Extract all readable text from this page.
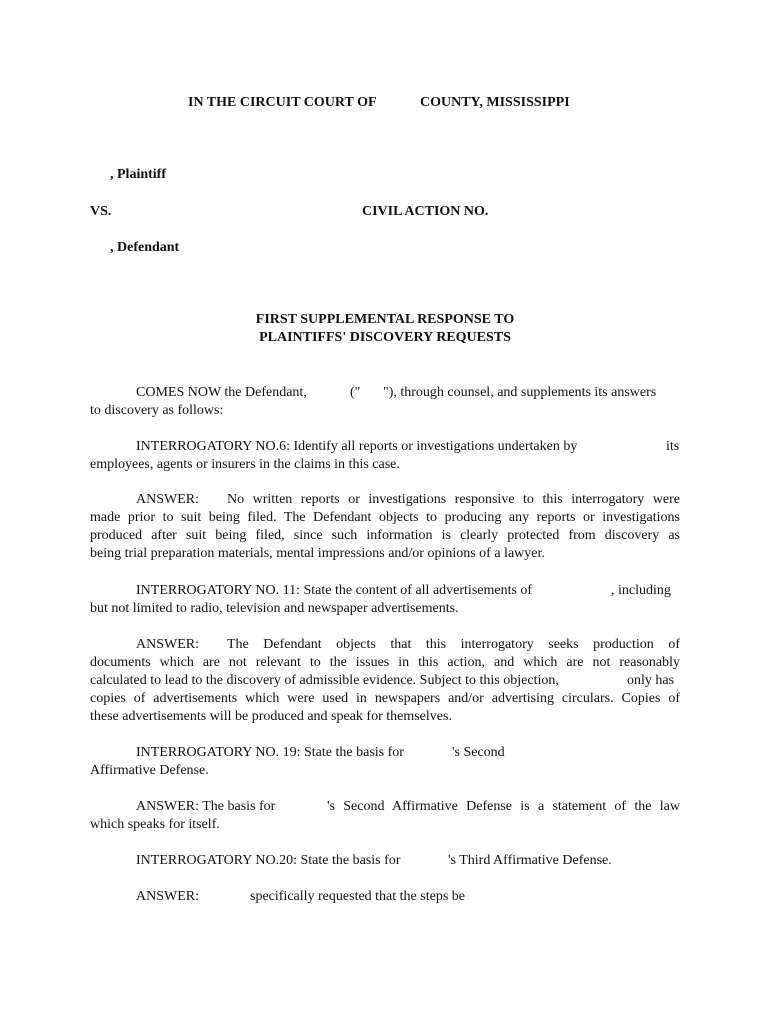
IN THE CIRCUIT COURT OF	COUNTY, MISSISSIPPI
, Plaintiff
VS.	CIVIL ACTION NO.
, Defendant
FIRST SUPPLEMENTAL RESPONSE TO
PLAINTIFFS' DISCOVERY REQUESTS
COMES NOW the Defendant,	(" "), through counsel, and supplements its answers
to discovery as follows:
INTERROGATORY NO.6: Identify all reports or investigations undertaken by	its
employees, agents or insurers in the claims in this case.
ANSWER: No written reports or investigations responsive to this interrogatory were
made prior to suit being filed. The Defendant objects to producing any reports or investigations
produced after suit being filed, since such information is clearly protected from discovery as
being trial preparation materials, mental impressions and/or opinions of a lawyer.
INTERROGATORY NO. 11: State the content of all advertisements of	, including
but not limited to radio, television and newspaper advertisements.
ANSWER: The Defendant objects that this interrogatory seeks production of
documents which are not relevant to the issues in this action, and which are not reasonably
calculated to lead to the discovery of admissible evidence. Subject to this objection,	only has
copies of advertisements which were used in newspapers and/or advertising circulars. Copies of
these advertisements will be produced and speak for themselves.
INTERROGATORY NO. 19: State the basis for	's Second
Affirmative Defense.
ANSWER: The basis for	's Second Affirmative Defense is a statement of the law
which speaks for itself.
INTERROGATORY NO.20: State the basis for	's Third Affirmative Defense.
ANSWER:	specifically requested that the steps be
